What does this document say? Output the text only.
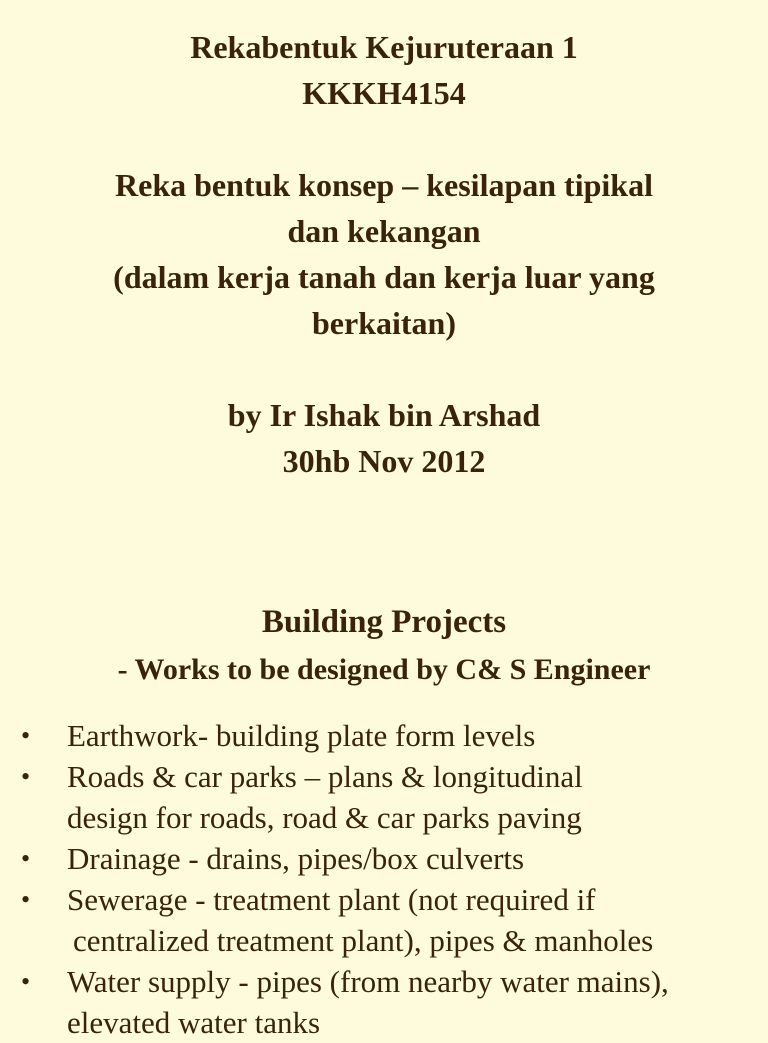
Rekabentuk Kejuruteraan 1
KKKH4154
Reka bentuk konsep – kesilapan tipikal
dan kekangan
(dalam kerja tanah dan kerja luar yang
berkaitan)
by Ir Ishak bin Arshad
30hb Nov 2012
Building Projects
- Works to be designed by C& S Engineer
• Earthwork- building plate form levels
• Roads & car parks – plans & longitudinal
design for roads, road & car parks paving
• Drainage - drains, pipes/box culverts
• Sewerage - treatment plant (not required if
centralized treatment plant), pipes & manholes
• Water supply - pipes (from nearby water mains),
elevated water tanks
